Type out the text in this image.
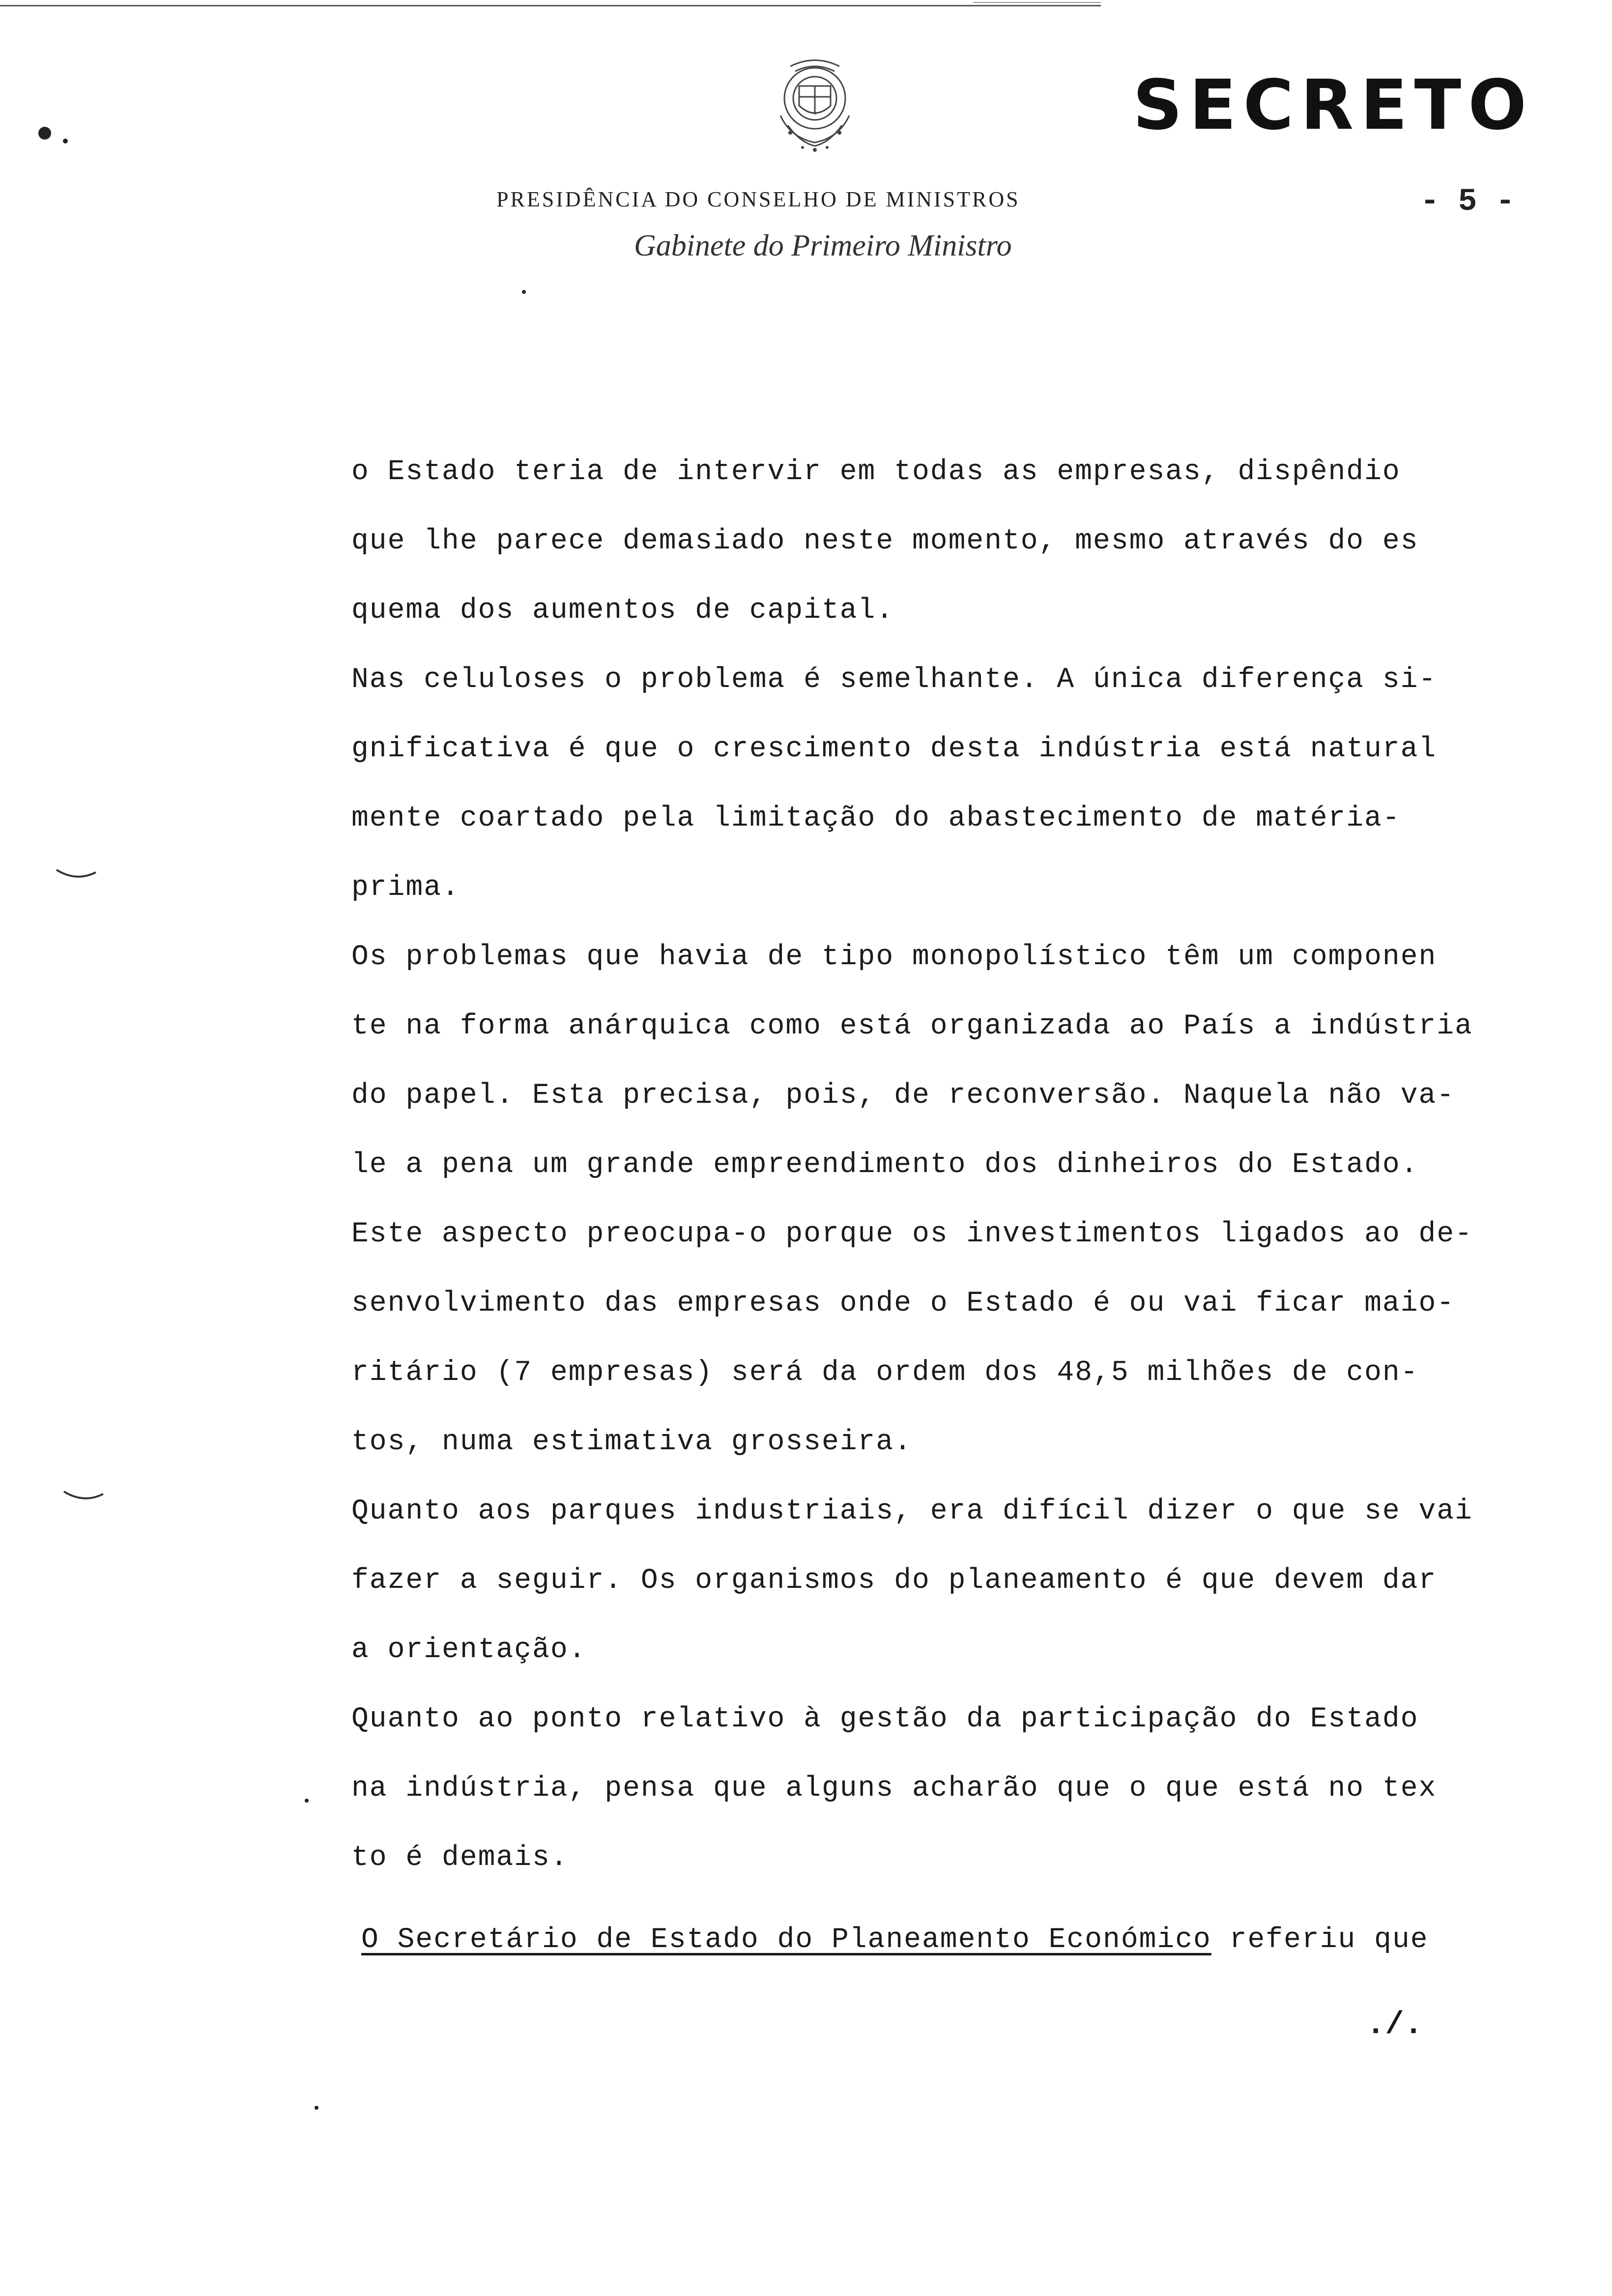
SECRETO
PRESIDÊNCIA DO CONSELHO DE MINISTROS
Gabinete do Primeiro Ministro
- 5 -
o Estado teria de intervir em todas as empresas, dispêndio
que lhe parece demasiado neste momento, mesmo através do es
quema dos aumentos de capital.
Nas celuloses o problema é semelhante. A única diferença si-
gnificativa é que o crescimento desta indústria está natural
mente coartado pela limitação do abastecimento de matéria-
prima.
Os problemas que havia de tipo monopolístico têm um componen
te na forma anárquica como está organizada ao País a indústria
do papel. Esta precisa, pois, de reconversão. Naquela não va-
le a pena um grande empreendimento dos dinheiros do Estado.
Este aspecto preocupa-o porque os investimentos ligados ao de-
senvolvimento das empresas onde o Estado é ou vai ficar maio-
ritário (7 empresas) será da ordem dos 48,5 milhões de con-
tos, numa estimativa grosseira.
Quanto aos parques industriais, era difícil dizer o que se vai
fazer a seguir. Os organismos do planeamento é que devem dar
a orientação.
Quanto ao ponto relativo à gestão da participação do Estado
na indústria, pensa que alguns acharão que o que está no tex
to é demais.
O Secretário de Estado do Planeamento Económico referiu que
./.
